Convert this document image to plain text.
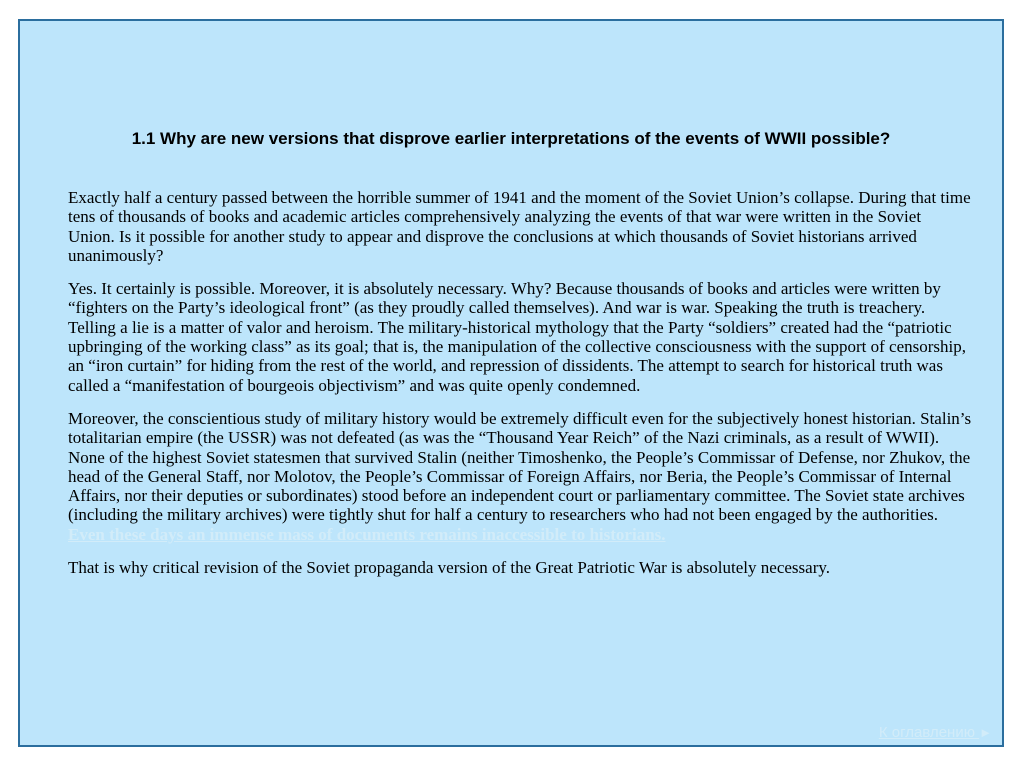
1.1 Why are new versions that disprove earlier interpretations of the events of WWII possible?

Exactly half a century passed between the horrible summer of 1941 and the moment of the Soviet Union’s collapse. During that time tens of thousands of books and academic articles comprehensively analyzing the events of that war were written in the Soviet Union. Is it possible for another study to appear and disprove the conclusions at which thousands of Soviet historians arrived unanimously?

Yes. It certainly is possible. Moreover, it is absolutely necessary. Why? Because thousands of books and articles were written by “fighters on the Party’s ideological front” (as they proudly called themselves). And war is war. Speaking the truth is treachery. Telling a lie is a matter of valor and heroism. The military-historical mythology that the Party “soldiers” created had the “patriotic upbringing of the working class” as its goal; that is, the manipulation of the collective consciousness with the support of censorship, an “iron curtain” for hiding from the rest of the world, and repression of dissidents. The attempt to search for historical truth was called a “manifestation of bourgeois objectivism” and was quite openly condemned.

Moreover, the conscientious study of military history would be extremely difficult even for the subjectively honest historian. Stalin’s totalitarian empire (the USSR) was not defeated (as was the “Thousand Year Reich” of the Nazi criminals, as a result of WWII). None of the highest Soviet statesmen that survived Stalin (neither Timoshenko, the People’s Commissar of Defense, nor Zhukov, the head of the General Staff, nor Molotov, the People’s Commissar of Foreign Affairs, nor Beria, the People’s Commissar of Internal Affairs, nor their deputies or subordinates) stood before an independent court or parliamentary committee. The Soviet state archives (including the military archives) were tightly shut for half a century to researchers who had not been engaged by the authorities. Even these days an immense mass of documents remains inaccessible to historians.

That is why critical revision of the Soviet propaganda version of the Great Patriotic War is absolutely necessary.

К оглавлению ►
